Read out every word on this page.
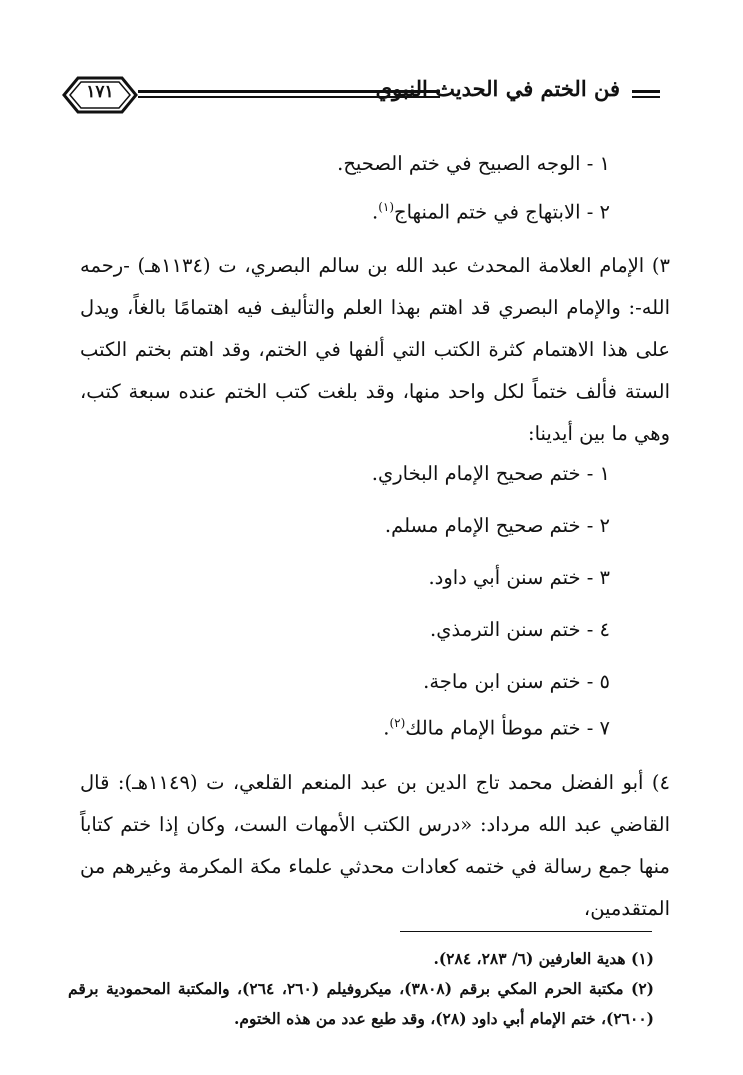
فن الختم في الحديث النبوي
١٧١
١ - الوجه الصبيح في ختم الصحيح.
٢ - الابتهاج في ختم المنهاج$^{(١)}$.
٣) الإمام العلامة المحدث عبد الله بن سالم البصري، ت (١١٣٤هـ) -رحمه الله-: والإمام البصري قد اهتم بهذا العلم والتأليف فيه اهتمامًا بالغاً، ويدل على هذا الاهتمام كثرة الكتب التي ألفها في الختم، وقد اهتم بختم الكتب الستة فألف ختماً لكل واحد منها، وقد بلغت كتب الختم عنده سبعة كتب، وهي ما بين أيدينا:
١ - ختم صحيح الإمام البخاري.
٢ - ختم صحيح الإمام مسلم.
٣ - ختم سنن أبي داود.
٤ - ختم سنن الترمذي.
٥ - ختم سنن ابن ماجة.
٧ - ختم موطأ الإمام مالك$^{(٢)}$.
٤) أبو الفضل محمد تاج الدين بن عبد المنعم القلعي، ت (١١٤٩هـ): قال القاضي عبد الله مرداد: «درس الكتب الأمهات الست، وكان إذا ختم كتاباً منها جمع رسالة في ختمه كعادات محدثي علماء مكة المكرمة وغيرهم من المتقدمين،
(١) هدية العارفين (٦/ ٢٨٣، ٢٨٤).
(٢) مكتبة الحرم المكي برقم (٣٨٠٨)، ميكروفيلم (٢٦٠، ٢٦٤)، والمكتبة المحمودية برقم (٢٦٠٠)، ختم الإمام أبي داود (٢٨)، وقد طبع عدد من هذه الختوم.
